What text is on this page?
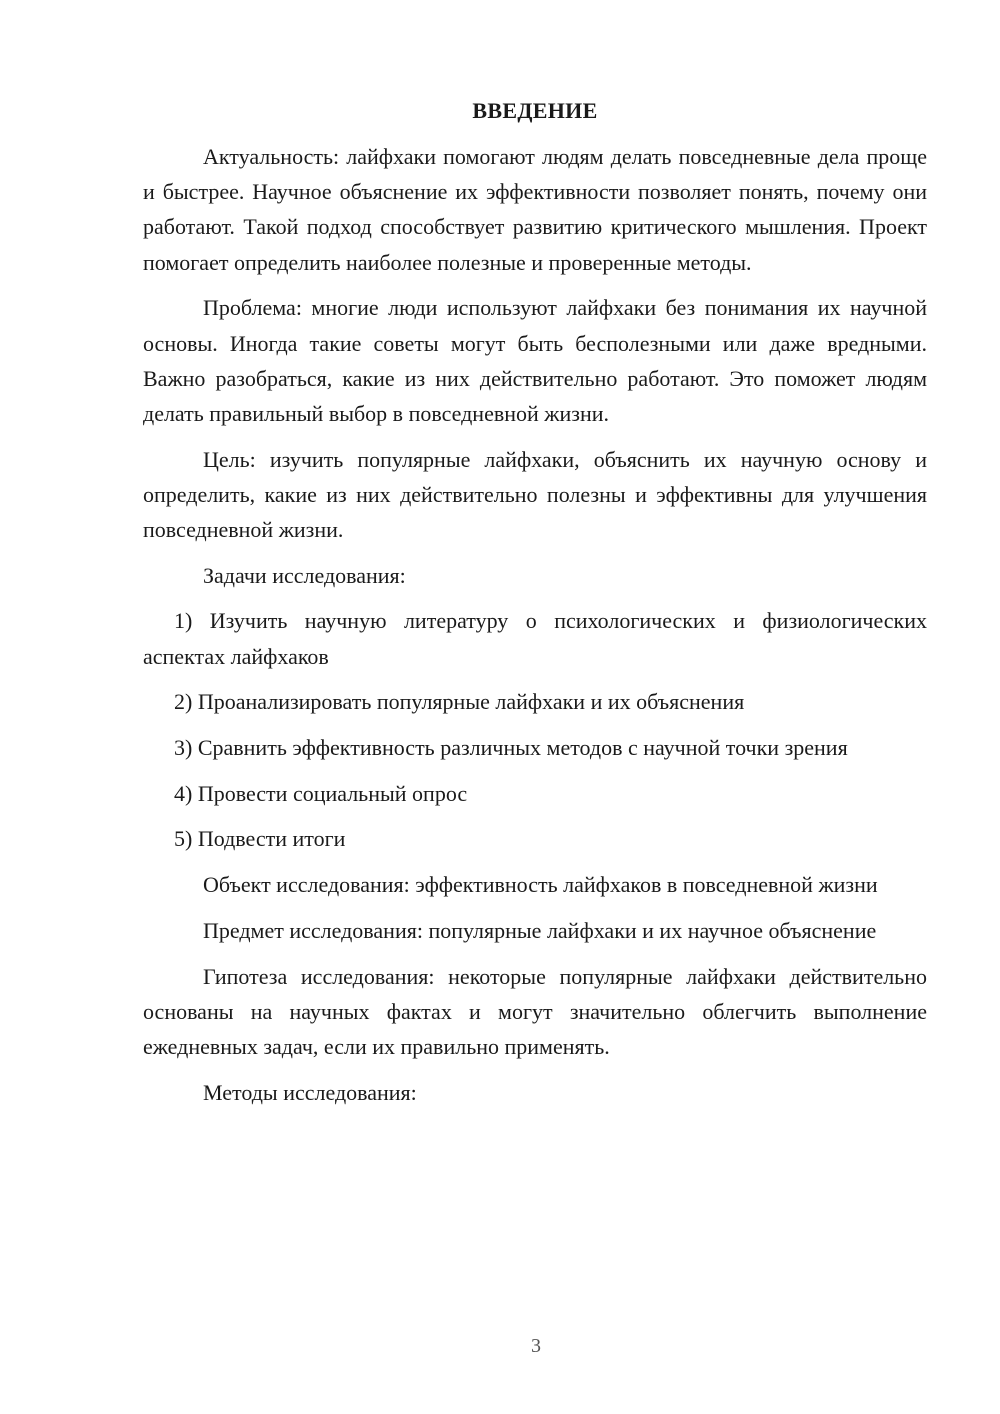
ВВЕДЕНИЕ

Актуальность: лайфхаки помогают людям делать повседневные дела проще и быстрее. Научное объяснение их эффективности позволяет понять, почему они работают. Такой подход способствует развитию критического мышления. Проект помогает определить наиболее полезные и проверенные методы.

Проблема: многие люди используют лайфхаки без понимания их научной основы. Иногда такие советы могут быть бесполезными или даже вредными. Важно разобраться, какие из них действительно работают. Это поможет людям делать правильный выбор в повседневной жизни.

Цель: изучить популярные лайфхаки, объяснить их научную основу и определить, какие из них действительно полезны и эффективны для улучшения повседневной жизни.

Задачи исследования:

1) Изучить научную литературу о психологических и физиологических аспектах лайфхаков

2) Проанализировать популярные лайфхаки и их объяснения

3) Сравнить эффективность различных методов с научной точки зрения

4) Провести социальный опрос

5) Подвести итоги

Объект исследования: эффективность лайфхаков в повседневной жизни

Предмет исследования: популярные лайфхаки и их научное объяснение

Гипотеза исследования: некоторые популярные лайфхаки действительно основаны на научных фактах и могут значительно облегчить выполнение ежедневных задач, если их правильно применять.

Методы исследования:

3
